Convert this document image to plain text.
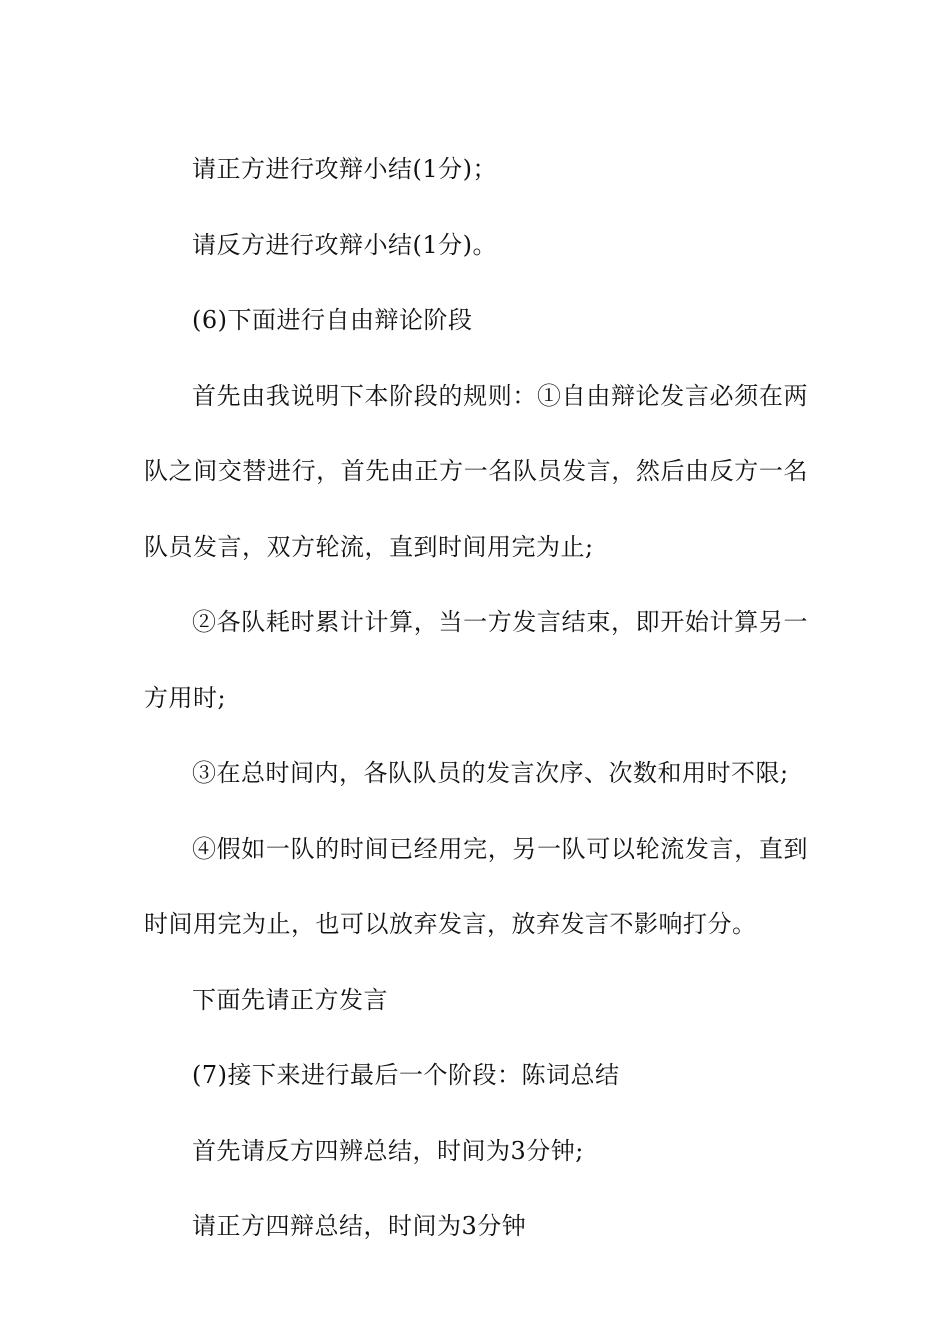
请正方进行攻辩小结(1分)；

请反方进行攻辩小结(1分)。

(6)下面进行自由辩论阶段

首先由我说明下本阶段的规则：①自由辩论发言必须在两队之间交替进行，首先由正方一名队员发言，然后由反方一名队员发言，双方轮流，直到时间用完为止;

②各队耗时累计计算，当一方发言结束，即开始计算另一方用时;

③在总时间内，各队队员的发言次序、次数和用时不限;

④假如一队的时间已经用完，另一队可以轮流发言，直到时间用完为止，也可以放弃发言，放弃发言不影响打分。

下面先请正方发言

(7)接下来进行最后一个阶段：陈词总结

首先请反方四辨总结，时间为3分钟;

请正方四辩总结，时间为3分钟
